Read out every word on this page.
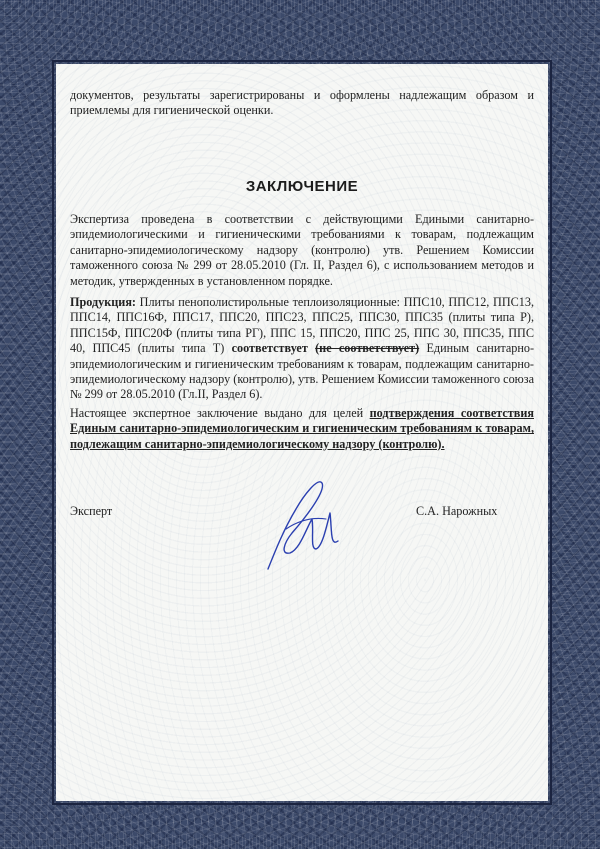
документов, результаты зарегистрированы и оформлены надлежащим образом и приемлемы для гигиенической оценки.
ЗАКЛЮЧЕНИЕ
Экспертиза проведена в соответствии с действующими Едиными санитарно-эпидемиологическими и гигиеническими требованиями к товарам, подлежащим санитарно-эпидемиологическому надзору (контролю) утв. Решением Комиссии таможенного союза № 299 от 28.05.2010 (Гл. II, Раздел 6), с использованием методов и методик, утвержденных в установленном порядке.
Продукция: Плиты пенополистирольные теплоизоляционные: ППС10, ППС12, ППС13, ППС14, ППС16Ф, ППС17, ППС20, ППС23, ППС25, ППС30, ППС35 (плиты типа Р), ППС15Ф, ППС20Ф (плиты типа РГ), ППС 15, ППС20, ППС 25, ППС 30, ППС35, ППС 40, ППС45 (плиты типа Т) соответствует (не соответствует) Единым санитарно-эпидемиологическим и гигиеническим требованиям к товарам, подлежащим санитарно-эпидемиологическому надзору (контролю), утв. Решением Комиссии таможенного союза № 299 от 28.05.2010 (Гл.II, Раздел 6).
Настоящее экспертное заключение выдано для целей подтверждения соответствия Единым санитарно-эпидемиологическим и гигиеническим требованиям к товарам, подлежащим санитарно-эпидемиологическому надзору (контролю).
Эксперт	С.А. Нарожных
